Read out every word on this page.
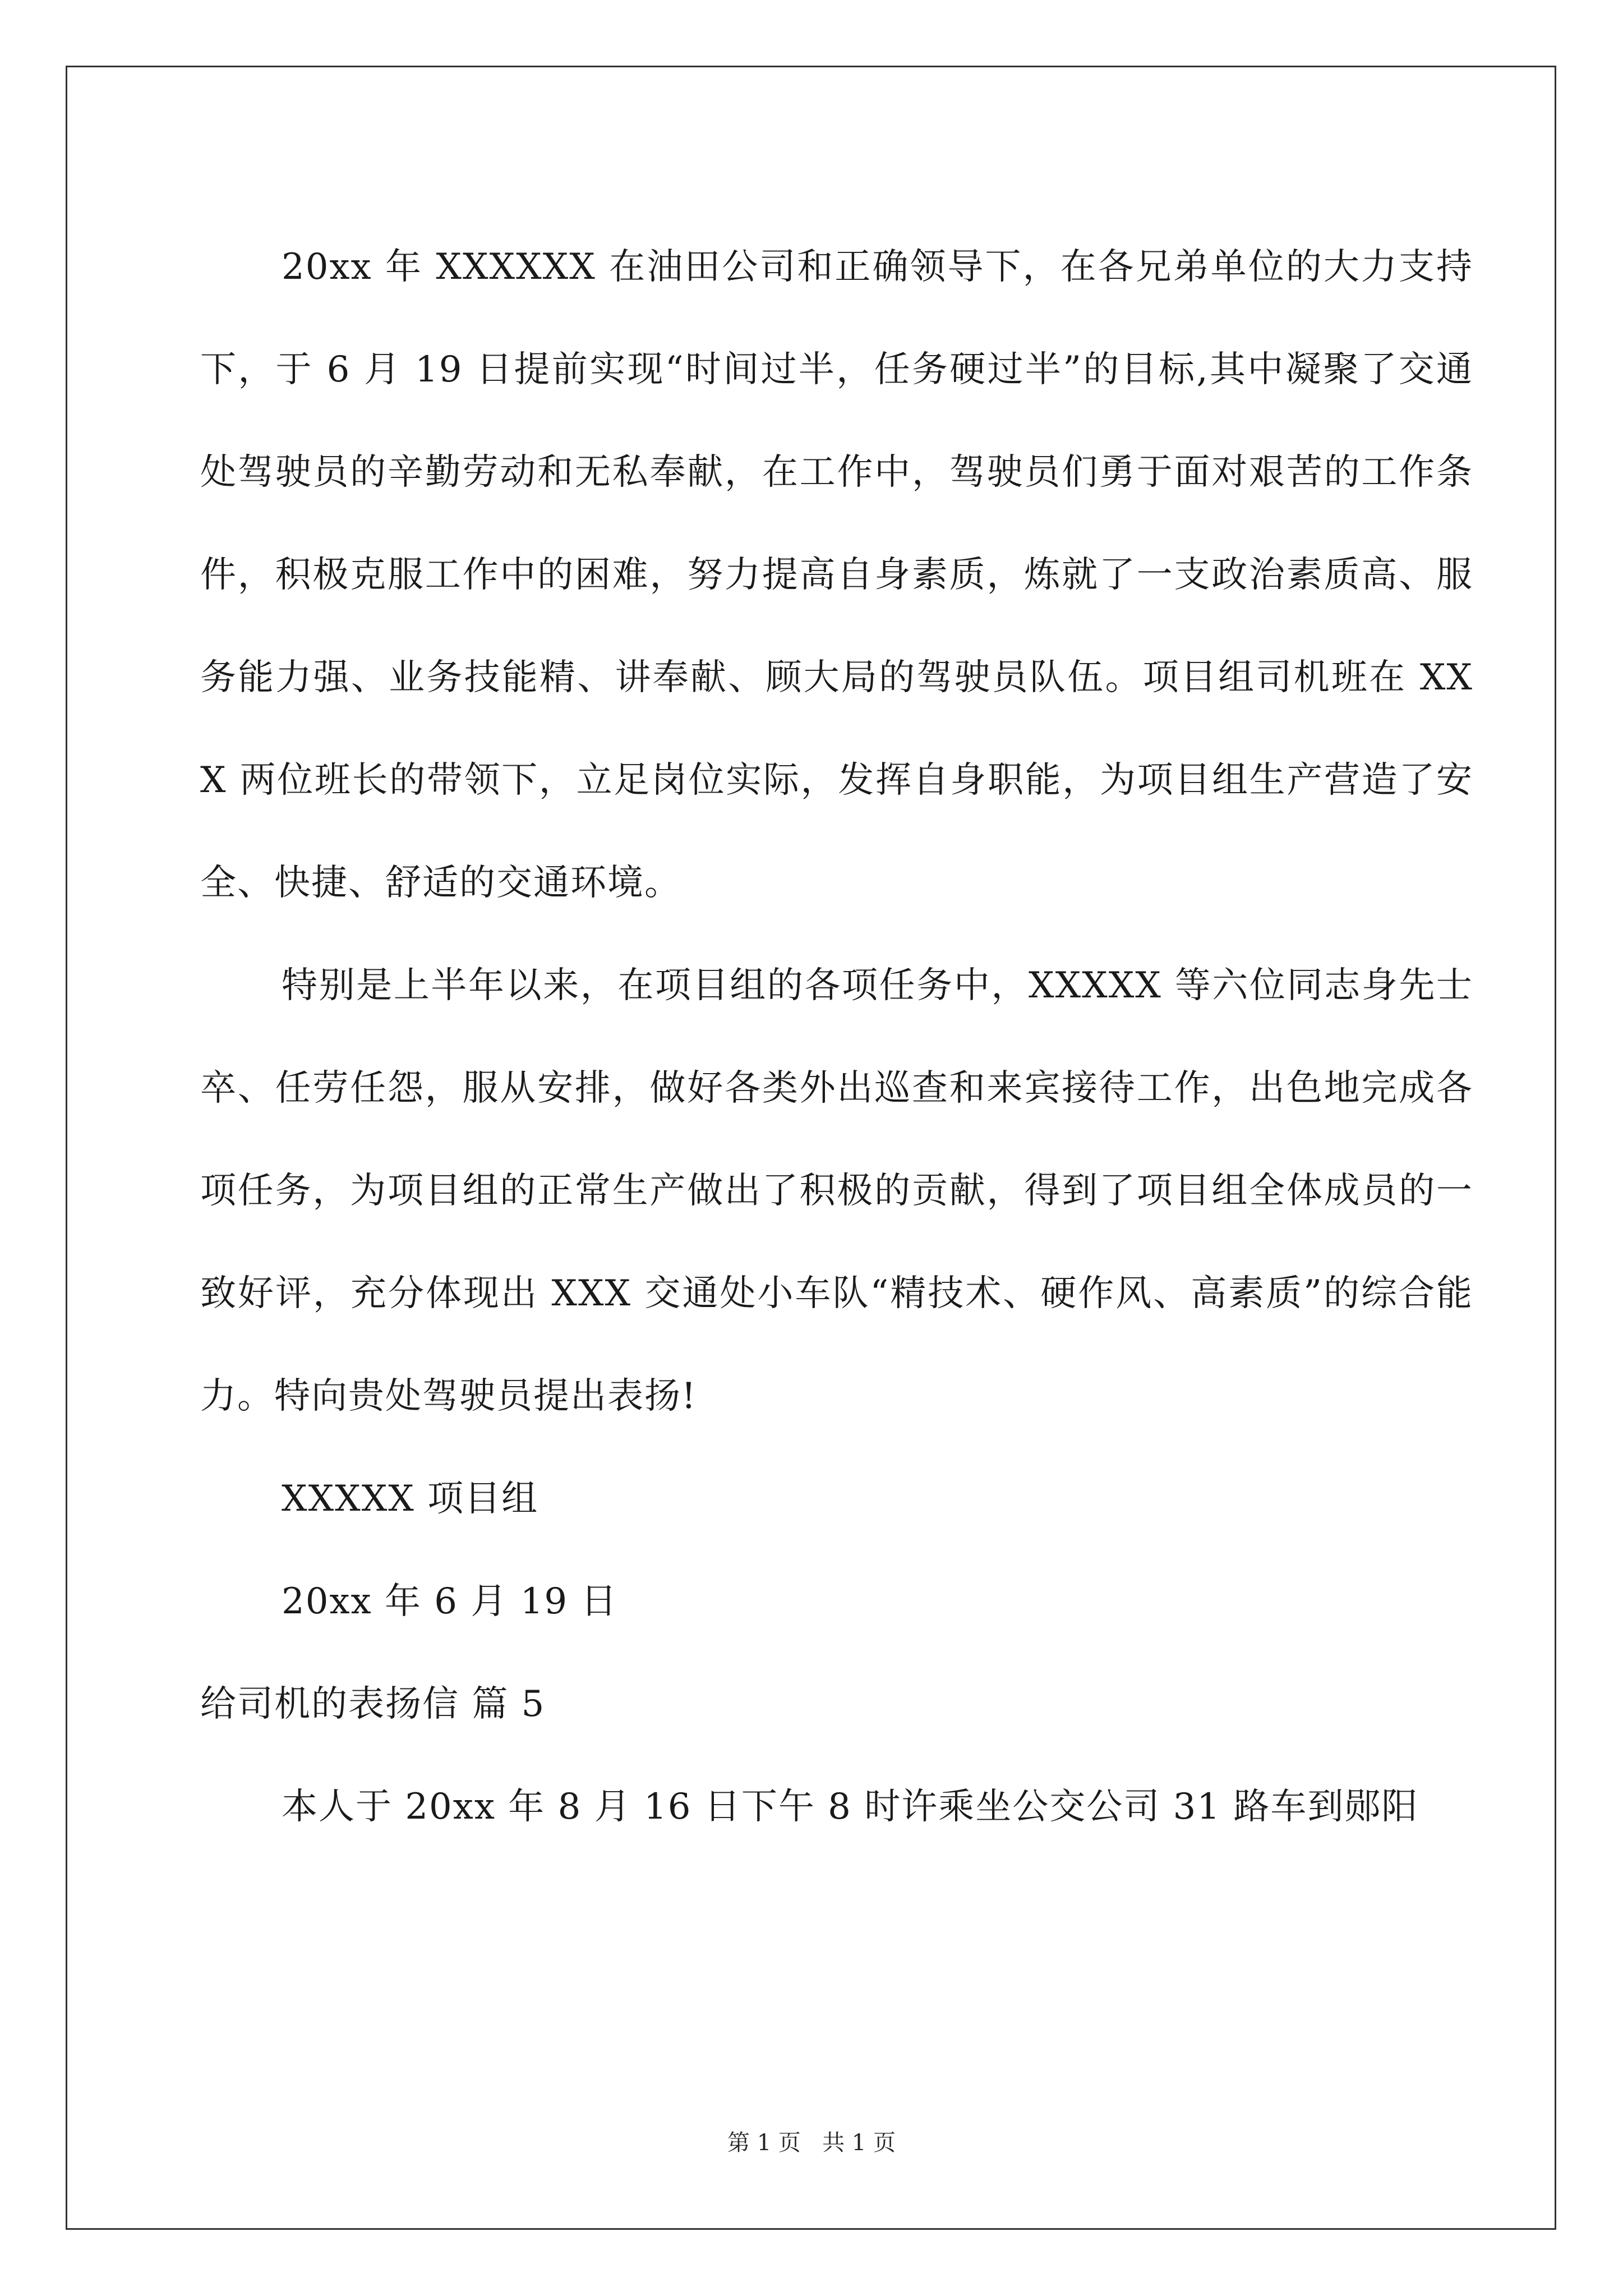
20xx 年 XXXXXX 在油田公司和正确领导下，在各兄弟单位的大力支持下，于 6 月 19 日提前实现“时间过半，任务硬过半”的目标,其中凝聚了交通处驾驶员的辛勤劳动和无私奉献，在工作中，驾驶员们勇于面对艰苦的工作条件，积极克服工作中的困难，努力提高自身素质，炼就了一支政治素质高、服务能力强、业务技能精、讲奉献、顾大局的驾驶员队伍。项目组司机班在 XXX 两位班长的带领下，立足岗位实际，发挥自身职能，为项目组生产营造了安全、快捷、舒适的交通环境。

特别是上半年以来，在项目组的各项任务中，XXXXX 等六位同志身先士卒、任劳任怨，服从安排，做好各类外出巡查和来宾接待工作，出色地完成各项任务，为项目组的正常生产做出了积极的贡献，得到了项目组全体成员的一致好评，充分体现出 XXX 交通处小车队“精技术、硬作风、高素质”的综合能力。特向贵处驾驶员提出表扬!

XXXXX 项目组

20xx 年 6 月 19 日

给司机的表扬信 篇 5

本人于 20xx 年 8 月 16 日下午 8 时许乘坐公交公司 31 路车到郧阳

第 1 页   共 1 页
